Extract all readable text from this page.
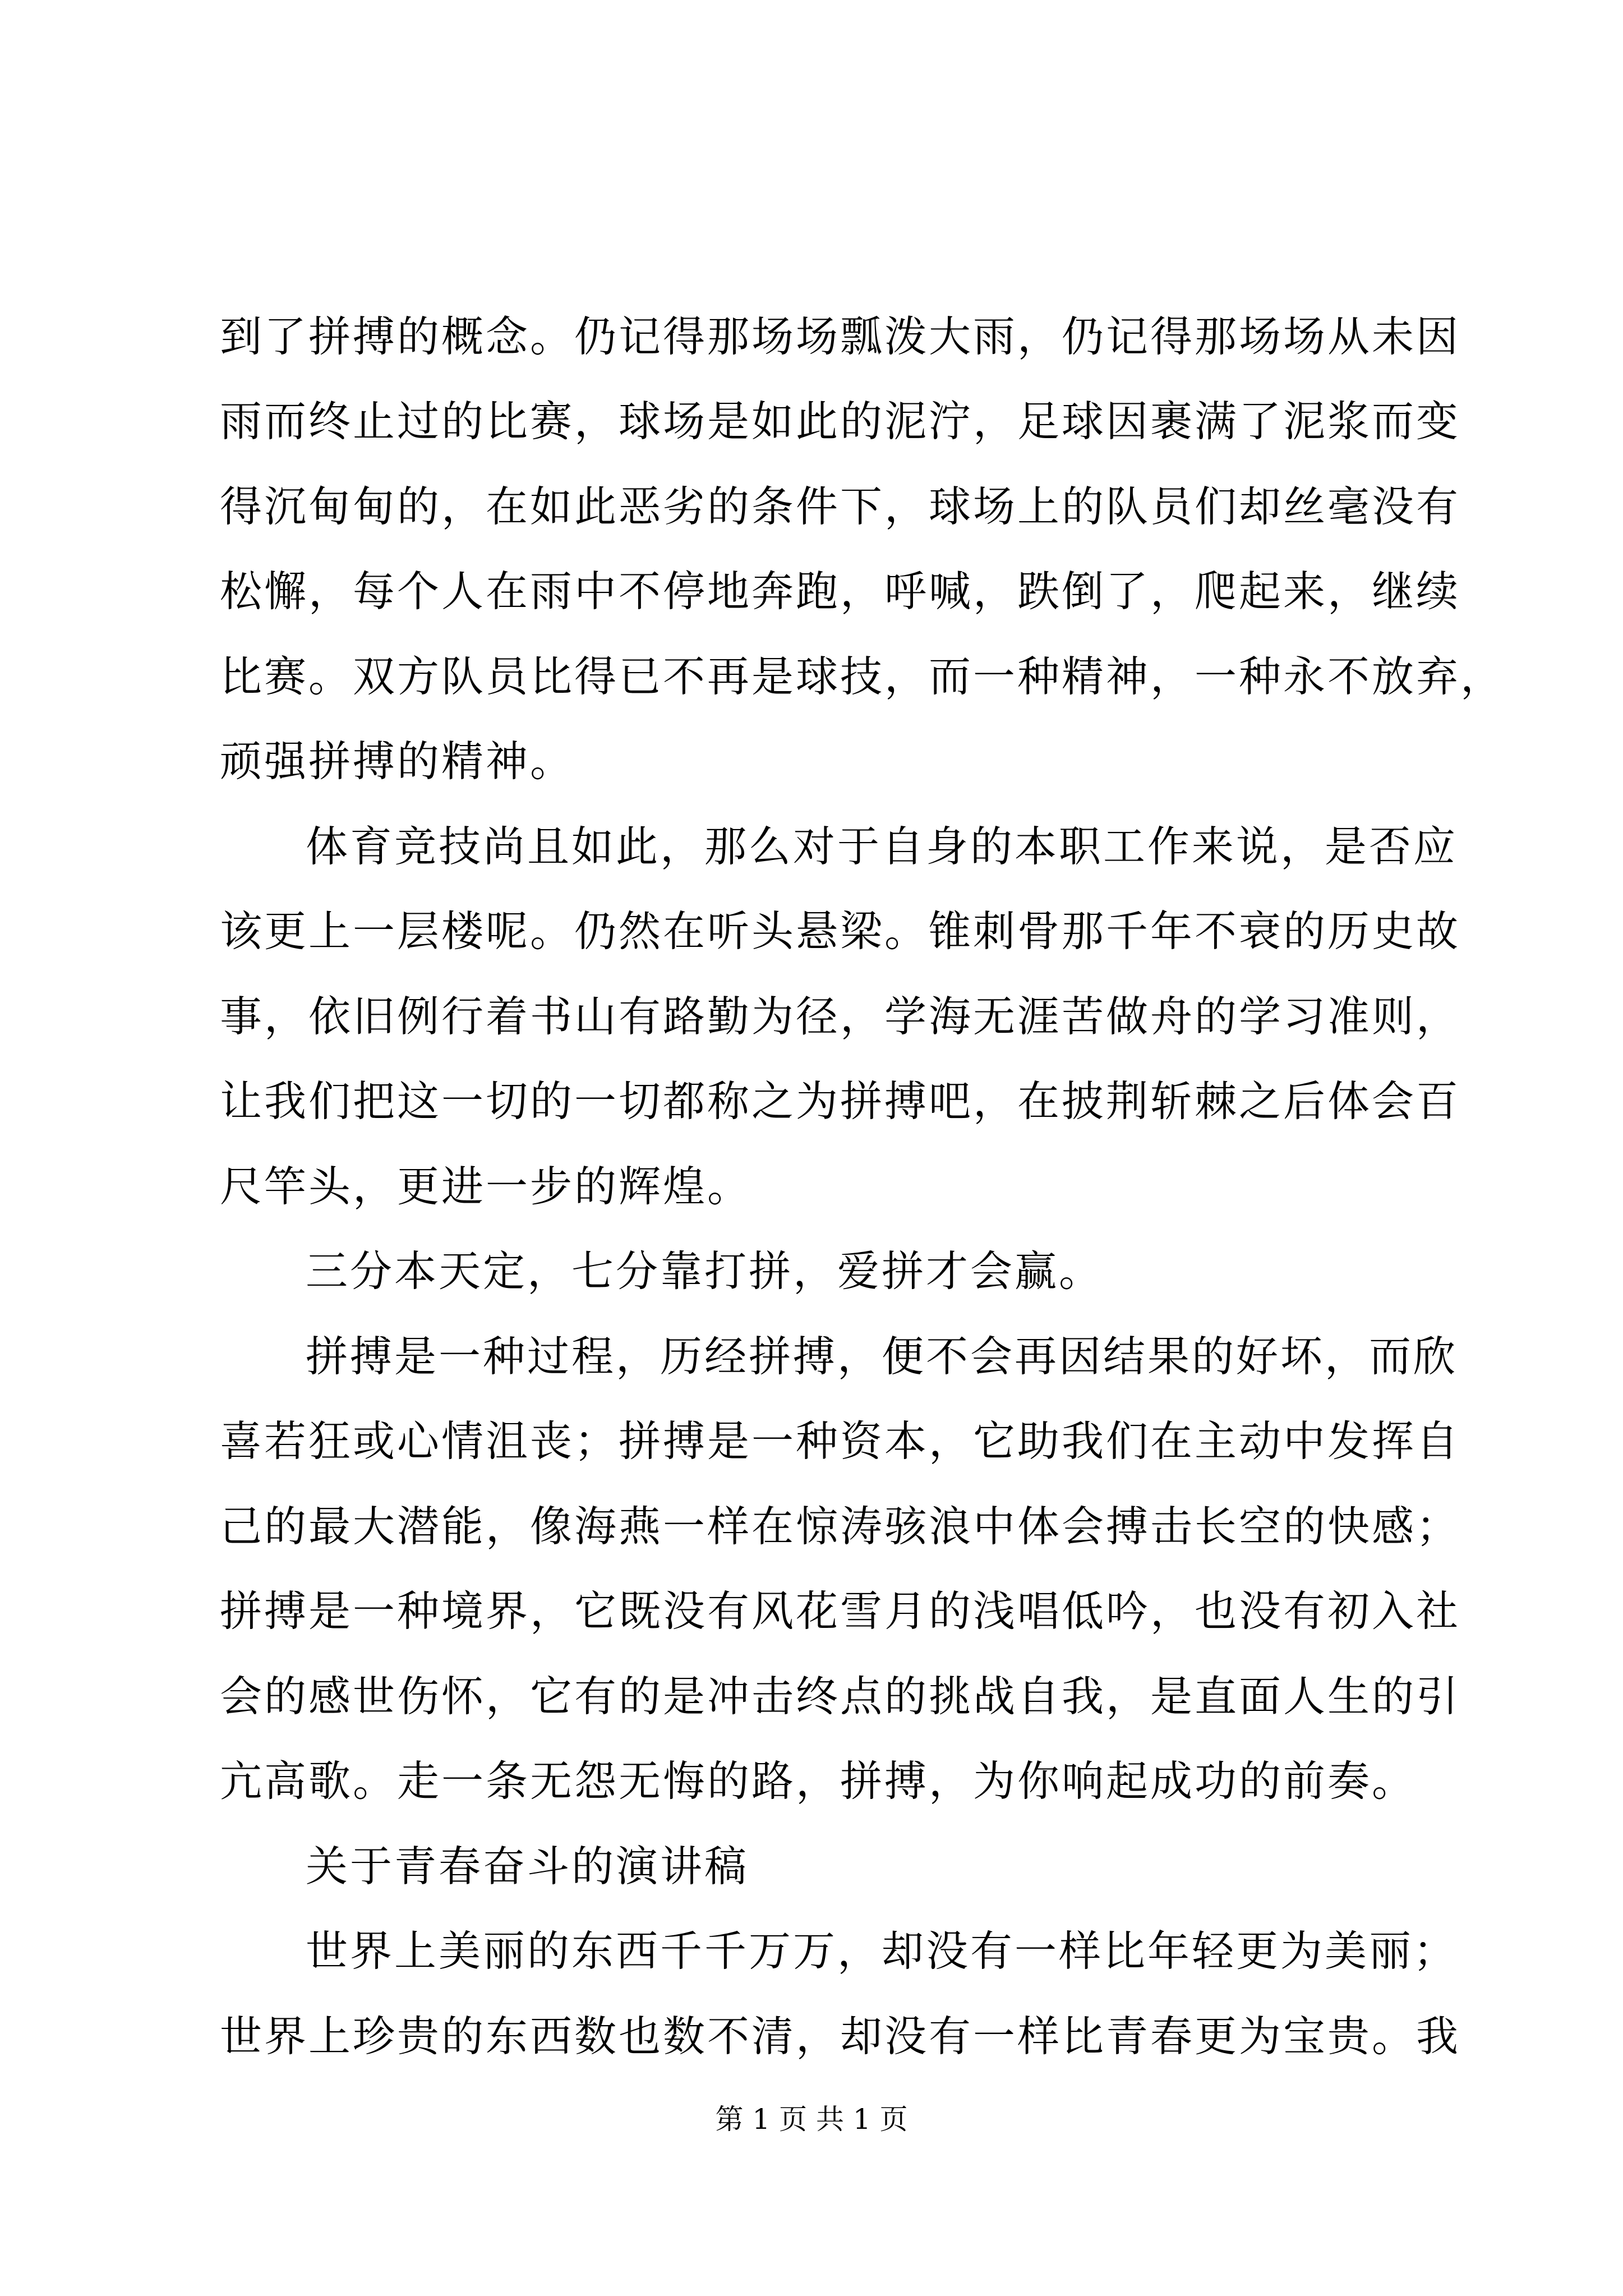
到了拼搏的概念。仍记得那场场瓢泼大雨，仍记得那场场从未因
雨而终止过的比赛，球场是如此的泥泞，足球因裹满了泥浆而变
得沉甸甸的，在如此恶劣的条件下，球场上的队员们却丝毫没有
松懈，每个人在雨中不停地奔跑，呼喊，跌倒了，爬起来，继续
比赛。双方队员比得已不再是球技，而一种精神，一种永不放弃，
顽强拼搏的精神。
体育竞技尚且如此，那么对于自身的本职工作来说，是否应
该更上一层楼呢。仍然在听头悬梁。锥刺骨那千年不衰的历史故
事，依旧例行着书山有路勤为径，学海无涯苦做舟的学习准则，
让我们把这一切的一切都称之为拼搏吧，在披荆斩棘之后体会百
尺竿头，更进一步的辉煌。
三分本天定，七分靠打拼，爱拼才会赢。
拼搏是一种过程，历经拼搏，便不会再因结果的好坏，而欣
喜若狂或心情沮丧；拼搏是一种资本，它助我们在主动中发挥自
己的最大潜能，像海燕一样在惊涛骇浪中体会搏击长空的快感；
拼搏是一种境界，它既没有风花雪月的浅唱低吟，也没有初入社
会的感世伤怀，它有的是冲击终点的挑战自我，是直面人生的引
亢高歌。走一条无怨无悔的路，拼搏，为你响起成功的前奏。
关于青春奋斗的演讲稿
世界上美丽的东西千千万万，却没有一样比年轻更为美丽；
世界上珍贵的东西数也数不清，却没有一样比青春更为宝贵。我
第 1 页 共 1 页
